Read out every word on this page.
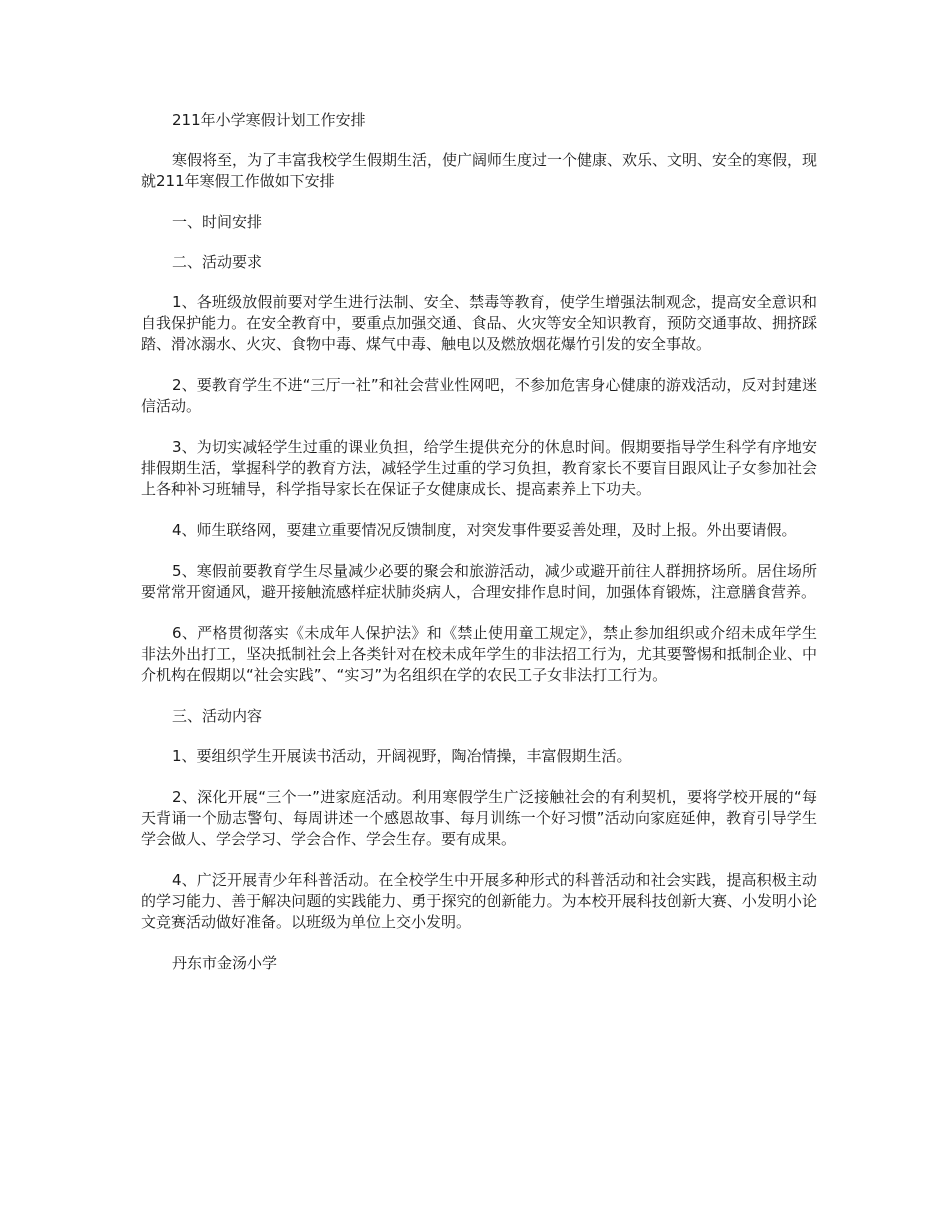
211年小学寒假计划工作安排

寒假将至，为了丰富我校学生假期生活，使广阔师生度过一个健康、欢乐、文明、安全的寒假，现就211年寒假工作做如下安排

一、时间安排

二、活动要求

1、各班级放假前要对学生进行法制、安全、禁毒等教育，使学生增强法制观念，提高安全意识和自我保护能力。在安全教育中，要重点加强交通、食品、火灾等安全知识教育，预防交通事故、拥挤踩踏、滑冰溺水、火灾、食物中毒、煤气中毒、触电以及燃放烟花爆竹引发的安全事故。

2、要教育学生不进“三厅一社”和社会营业性网吧，不参加危害身心健康的游戏活动，反对封建迷信活动。

3、为切实减轻学生过重的课业负担，给学生提供充分的休息时间。假期要指导学生科学有序地安排假期生活，掌握科学的教育方法，减轻学生过重的学习负担，教育家长不要盲目跟风让子女参加社会上各种补习班辅导，科学指导家长在保证子女健康成长、提高素养上下功夫。

4、师生联络网，要建立重要情况反馈制度，对突发事件要妥善处理，及时上报。外出要请假。

5、寒假前要教育学生尽量减少必要的聚会和旅游活动，减少或避开前往人群拥挤场所。居住场所要常常开窗通风，避开接触流感样症状肺炎病人，合理安排作息时间，加强体育锻炼，注意膳食营养。

6、严格贯彻落实《未成年人保护法》和《禁止使用童工规定》，禁止参加组织或介绍未成年学生非法外出打工，坚决抵制社会上各类针对在校未成年学生的非法招工行为，尤其要警惕和抵制企业、中介机构在假期以“社会实践”、“实习”为名组织在学的农民工子女非法打工行为。

三、活动内容

1、要组织学生开展读书活动，开阔视野，陶冶情操，丰富假期生活。

2、深化开展“三个一”进家庭活动。利用寒假学生广泛接触社会的有利契机，要将学校开展的“每天背诵一个励志警句、每周讲述一个感恩故事、每月训练一个好习惯”活动向家庭延伸，教育引导学生学会做人、学会学习、学会合作、学会生存。要有成果。

4、广泛开展青少年科普活动。在全校学生中开展多种形式的科普活动和社会实践，提高积极主动的学习能力、善于解决问题的实践能力、勇于探究的创新能力。为本校开展科技创新大赛、小发明小论文竞赛活动做好准备。以班级为单位上交小发明。

丹东市金汤小学
